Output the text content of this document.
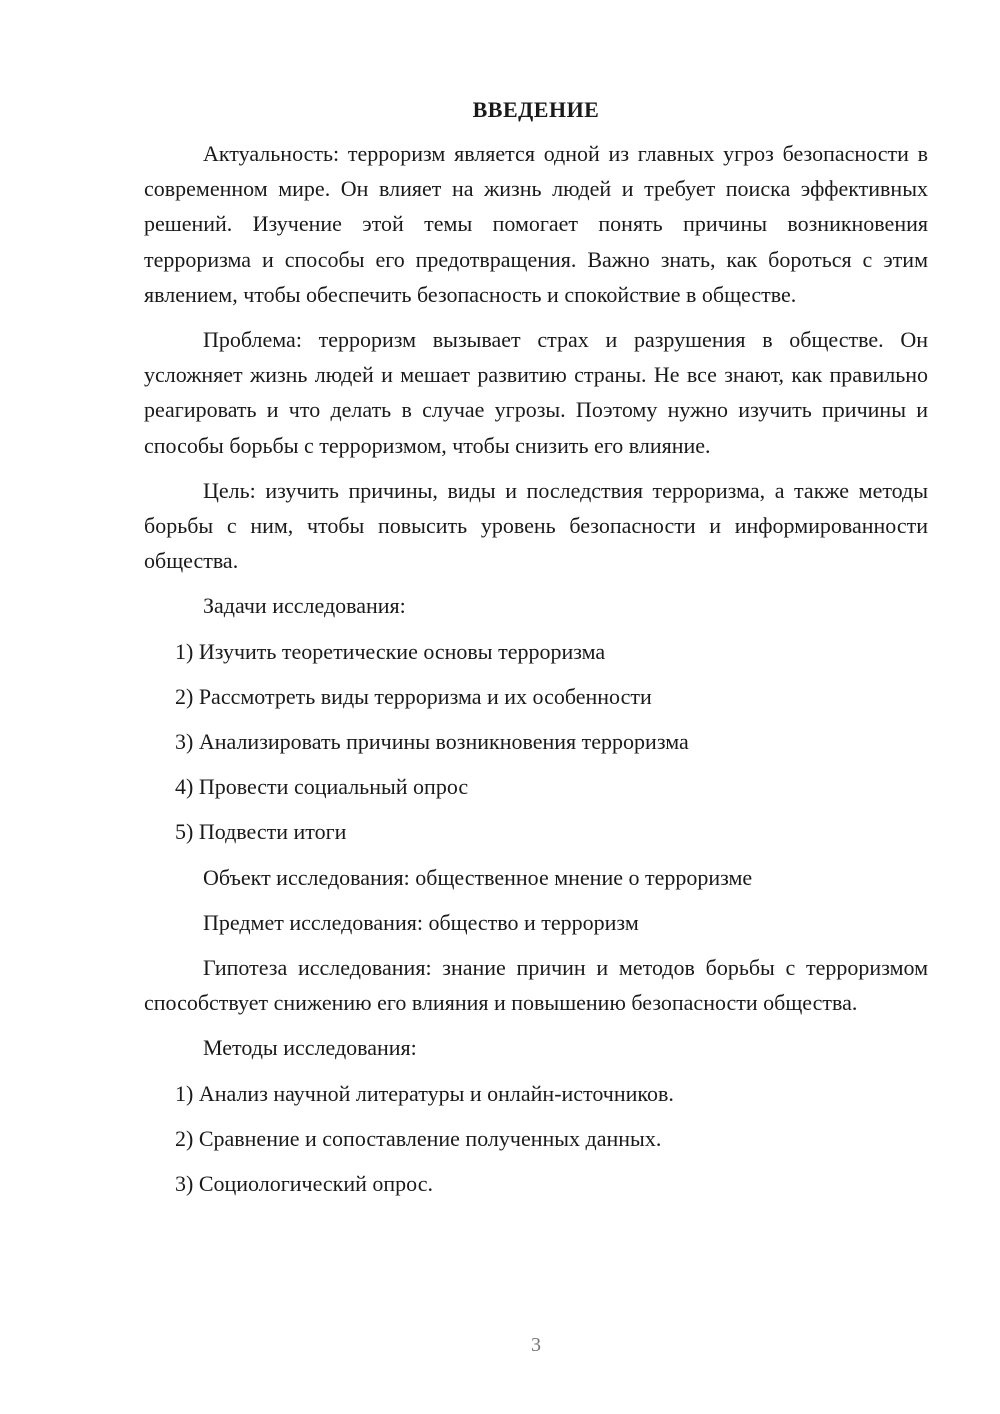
ВВЕДЕНИЕ

Актуальность: терроризм является одной из главных угроз безопасности в современном мире. Он влияет на жизнь людей и требует поиска эффективных решений. Изучение этой темы помогает понять причины возникновения терроризма и способы его предотвращения. Важно знать, как бороться с этим явлением, чтобы обеспечить безопасность и спокойствие в обществе.

Проблема: терроризм вызывает страх и разрушения в обществе. Он усложняет жизнь людей и мешает развитию страны. Не все знают, как правильно реагировать и что делать в случае угрозы. Поэтому нужно изучить причины и способы борьбы с терроризмом, чтобы снизить его влияние.

Цель: изучить причины, виды и последствия терроризма, а также методы борьбы с ним, чтобы повысить уровень безопасности и информированности общества.

Задачи исследования:
1) Изучить теоретические основы терроризма
2) Рассмотреть виды терроризма и их особенности
3) Анализировать причины возникновения терроризма
4) Провести социальный опрос
5) Подвести итоги
Объект исследования: общественное мнение о терроризме
Предмет исследования: общество и терроризм

Гипотеза исследования: знание причин и методов борьбы с терроризмом способствует снижению его влияния и повышению безопасности общества.

Методы исследования:
1) Анализ научной литературы и онлайн-источников.
2) Сравнение и сопоставление полученных данных.
3) Социологический опрос.
3
